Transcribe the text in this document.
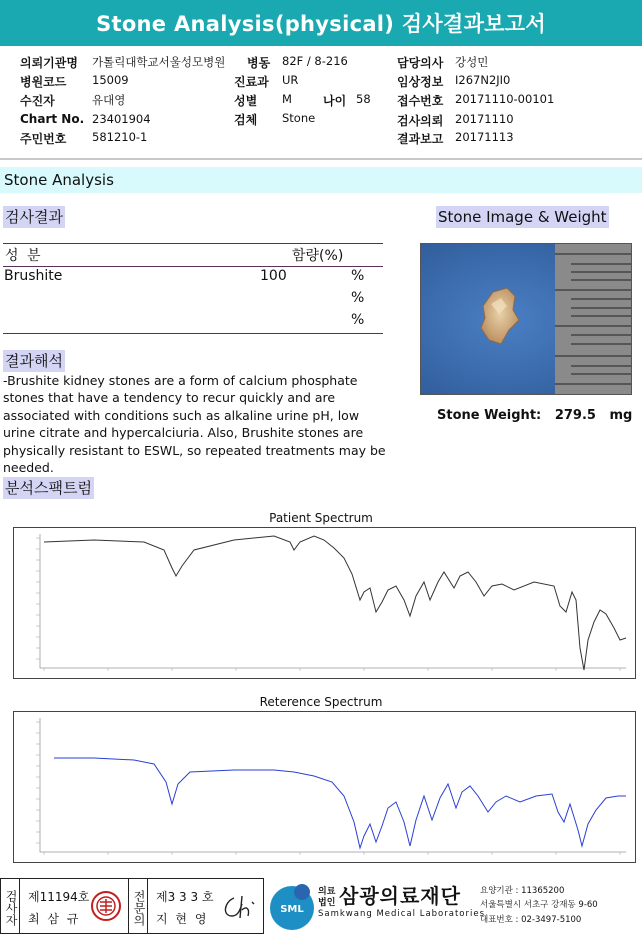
Stone Analysis(physical) 검사결과보고서
의뢰기관명 가톨릭대학교서울성모병원
병원코드 15009
수진자	유대영
Chart No. 23401904
주민번호 581210-1
병동 82F / 8-216
진료과 UR
성별 M	나이 58
검체 Stone
담당의사 강성민
임상정보 I267N2JI0
접수번호 20171110-00101
검사의뢰 20171110
결과보고 20171113
Stone Analysis
검사결과	Stone Image & Weight
성 분	함량(%)
Brushite	100	%
%
%
Stone Weight: 279.5 mg
결과해석
-Brushite kidney stones are a form of calcium phosphate stones that have a tendency to recur quickly and are associated with conditions such as alkaline urine pH, low urine citrate and hypercalciuria. Also, Brushite stones are physically resistant to ESWL, so repeated treatments may be needed.
분석스팩트럼
Patient Spectrum
Reterence Spectrum
검사자 제11194호
최 삼 규	전문의 제3 3 3 호
지 현 영
SML
의료
법인 삼광의료재단
Samkwang Medical Laboratories
요양기관 : 11365200
서울특별시 서초구 강재동 9-60
대표번호 : 02-3497-5100
